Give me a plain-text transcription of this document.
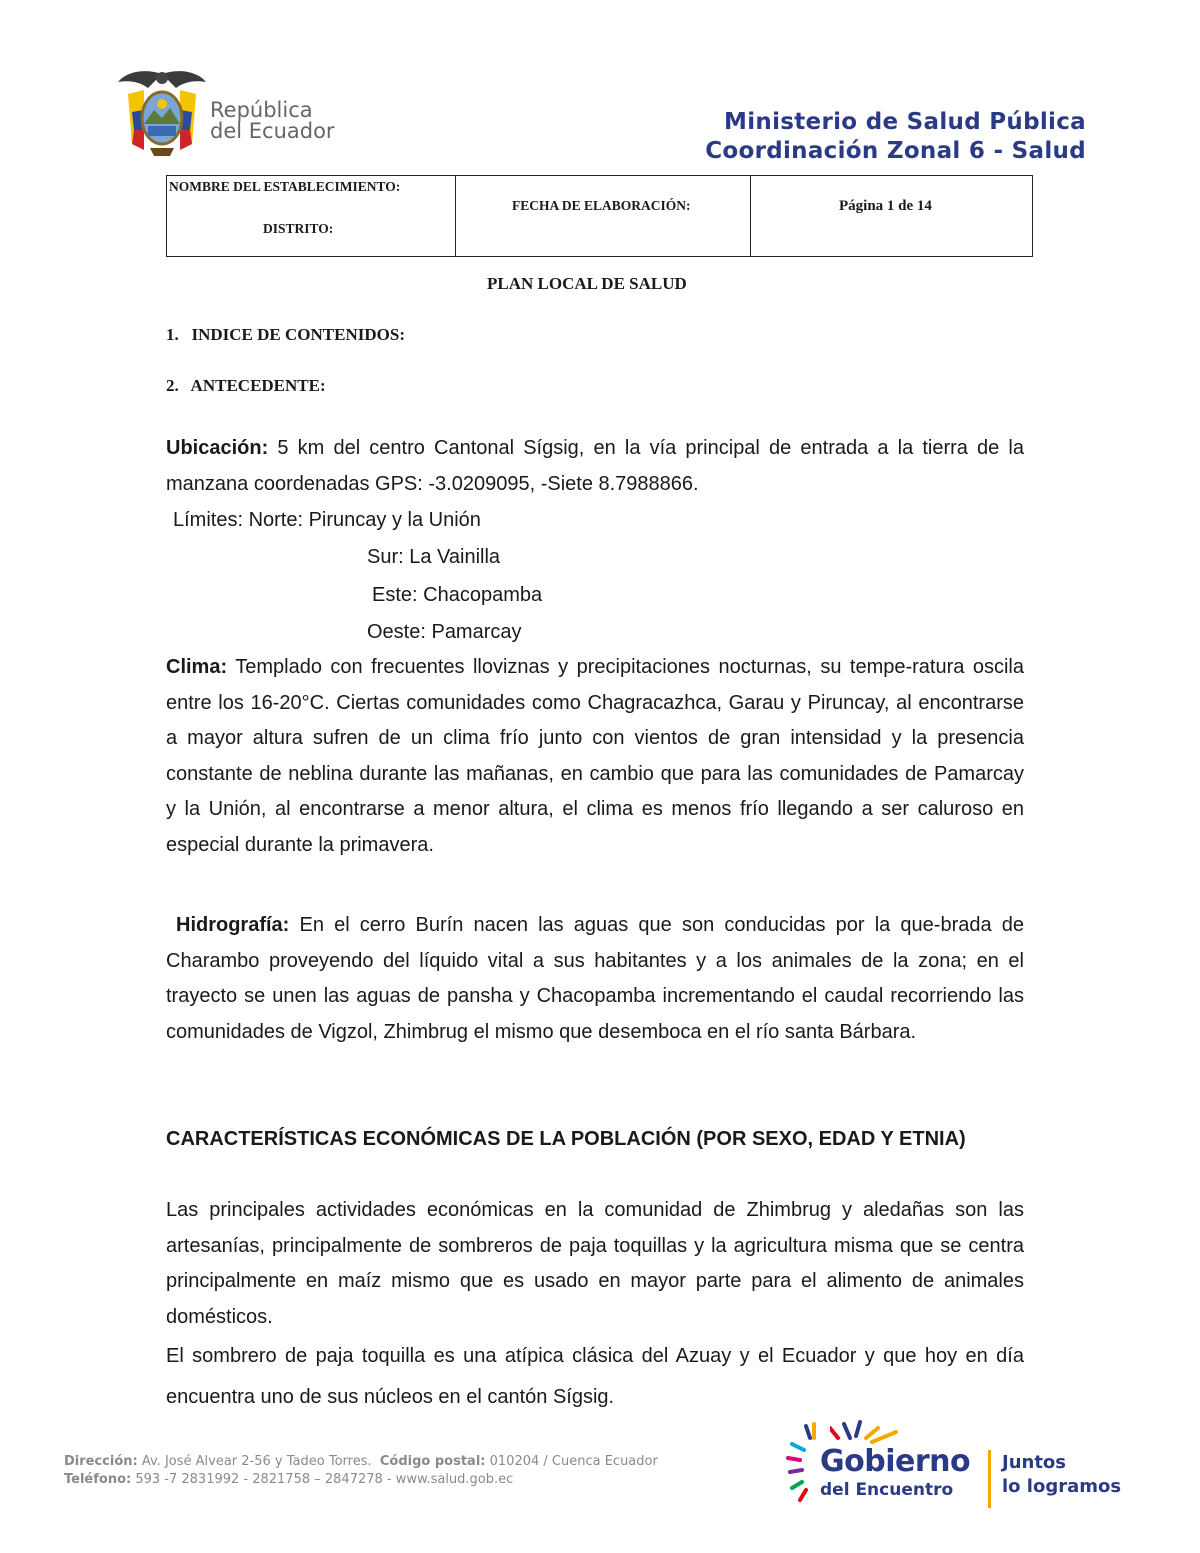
República
del Ecuador	Ministerio de Salud Pública
Coordinación Zonal 6 - Salud
NOMBRE DEL ESTABLECIMIENTO:
DISTRITO:
FECHA DE ELABORACIÓN:	Página 1 de 14
PLAN LOCAL DE SALUD
1.   INDICE DE CONTENIDOS:
2.   ANTECEDENTE:
Ubicación: 5 km del centro Cantonal Sígsig, en la vía principal de entrada a la tierra de la manzana coordenadas GPS: -3.0209095, -Siete 8.7988866.
Límites: Norte: Piruncay y la Unión
Sur: La Vainilla
Este: Chacopamba
Oeste: Pamarcay
Clima: Templado con frecuentes lloviznas y precipitaciones nocturnas, su tempe-ratura oscila entre los 16-20°C. Ciertas comunidades como Chagracazhca, Garau y Piruncay, al encontrarse a mayor altura sufren de un clima frío junto con vientos de gran intensidad y la presencia constante de neblina durante las mañanas, en cambio que para las comunidades de Pamarcay y la Unión, al encontrarse a menor altura, el clima es menos frío llegando a ser caluroso en especial durante la primavera.
Hidrografía: En el cerro Burín nacen las aguas que son conducidas por la que-brada de Charambo proveyendo del líquido vital a sus habitantes y a los animales de la zona; en el trayecto se unen las aguas de pansha y Chacopamba incrementando el caudal recorriendo las comunidades de Vigzol, Zhimbrug el mismo que desemboca en el río santa Bárbara.
CARACTERÍSTICAS ECONÓMICAS DE LA POBLACIÓN (POR SEXO, EDAD Y ETNIA)
Las principales actividades económicas en la comunidad de Zhimbrug y aledañas son las artesanías, principalmente de sombreros de paja toquillas y la agricultura misma que se centra principalmente en maíz mismo que es usado en mayor parte para el alimento de animales domésticos.
El sombrero de paja toquilla es una atípica clásica del Azuay y el Ecuador y que hoy en día encuentra uno de sus núcleos en el cantón Sígsig.
Dirección: Av. José Alvear 2-56 y Tadeo Torres. Código postal: 010204 / Cuenca Ecuador
Teléfono: 593 -7 2831992 - 2821758 – 2847278 - www.salud.gob.ec
Gobierno
del Encuentro
Juntos
lo logramos
